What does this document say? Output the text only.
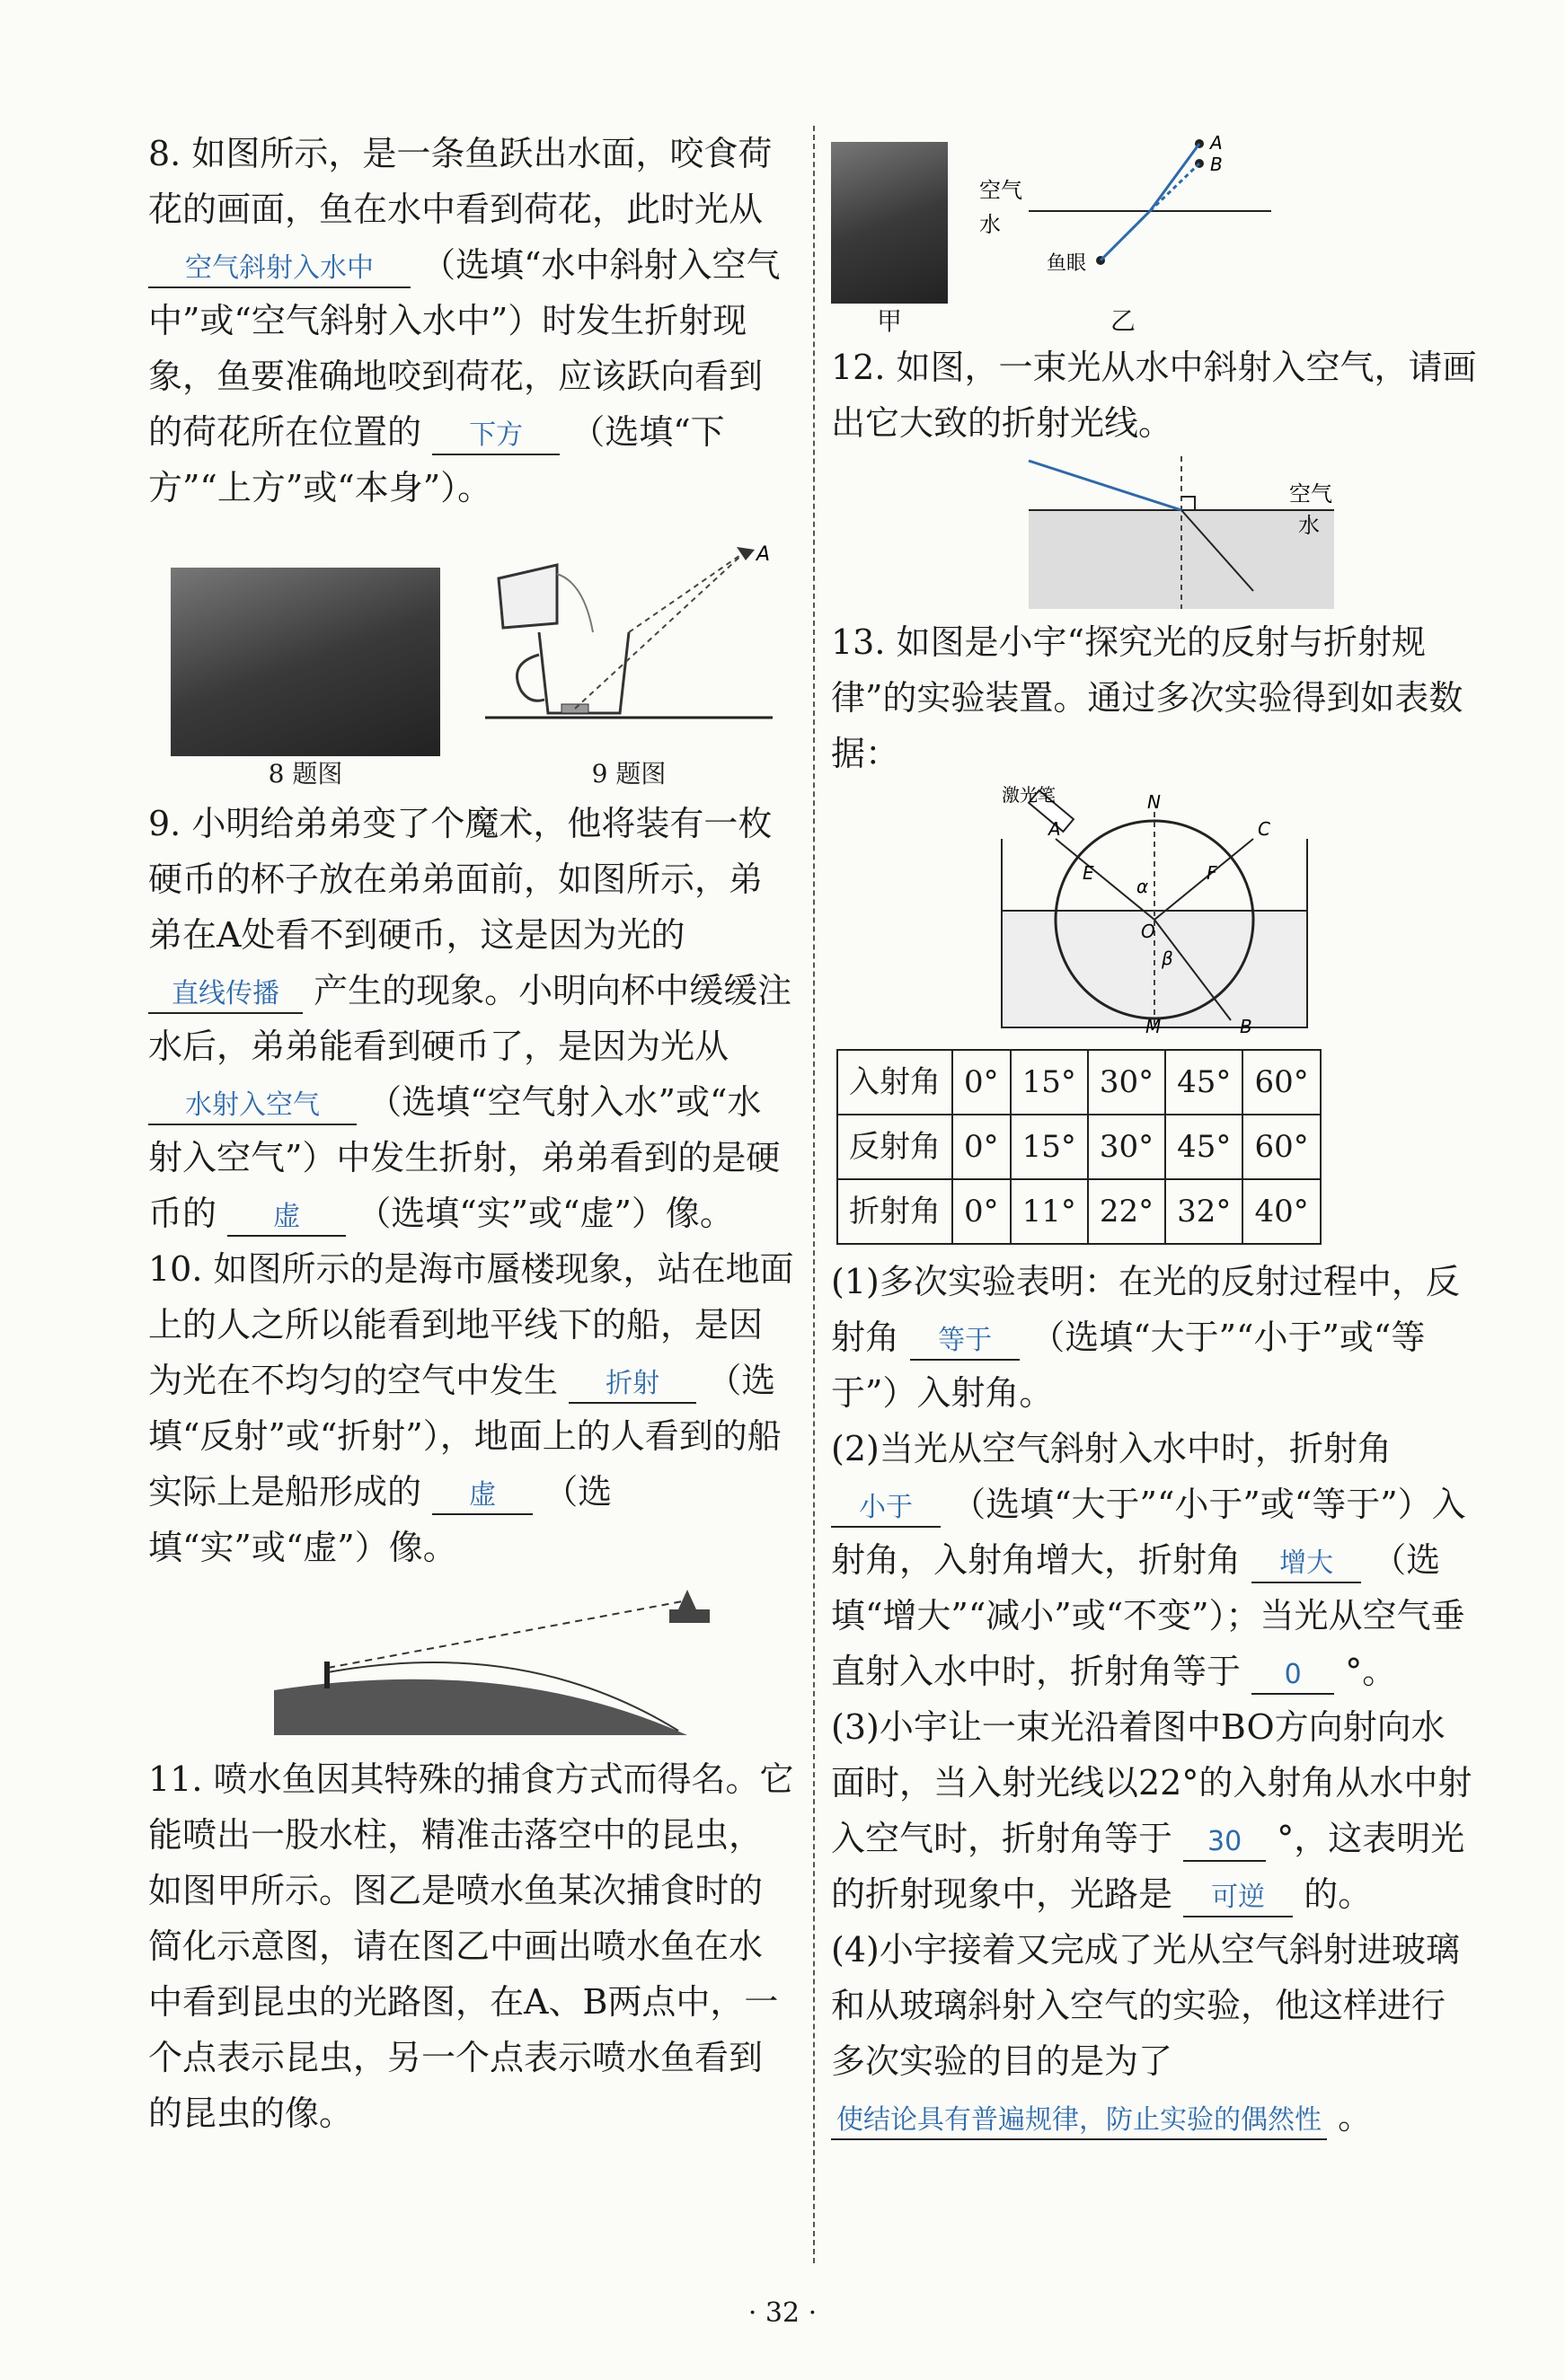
8. 如图所示，是一条鱼跃出水面，咬食荷花的画面，鱼在水中看到荷花，此时光从 空气斜射入水中 （选填“水中斜射入空气中”或“空气斜射入水中”）时发生折射现象，鱼要准确地咬到荷花，应该跃向看到的荷花所在位置的 下方 （选填“下方”“上方”或“本身”）。

8 题图
A
9 题图

9. 小明给弟弟变了个魔术，他将装有一枚硬币的杯子放在弟弟面前，如图所示，弟弟在A处看不到硬币，这是因为光的 直线传播 产生的现象。小明向杯中缓缓注水后，弟弟能看到硬币了，是因为光从 水射入空气 （选填“空气射入水”或“水射入空气”）中发生折射，弟弟看到的是硬币的 虚 （选填“实”或“虚”）像。

10. 如图所示的是海市蜃楼现象，站在地面上的人之所以能看到地平线下的船，是因为光在不均匀的空气中发生 折射 （选填“反射”或“折射”），地面上的人看到的船实际上是船形成的 虚 （选填“实”或“虚”）像。

11. 喷水鱼因其特殊的捕食方式而得名。它能喷出一股水柱，精准击落空中的昆虫，如图甲所示。图乙是喷水鱼某次捕食时的简化示意图，请在图乙中画出喷水鱼在水中看到昆虫的光路图，在A、B两点中，一个点表示昆虫，另一个点表示喷水鱼看到的昆虫的像。

甲
空气
水
A
B
鱼眼
乙

12. 如图，一束光从水中斜射入空气，请画出它大致的折射光线。

空气
水

13. 如图是小宇“探究光的反射与折射规律”的实验装置。通过多次实验得到如表数据：

激光笔	N
A	C
E	F
O
α
β
M	B
入射角	0°	15°	30°	45°	60°
反射角	0°	15°	30°	45°	60°
折射角	0°	11°	22°	32°	40°

(1)多次实验表明：在光的反射过程中，反射角 等于 （选填“大于”“小于”或“等于”）入射角。

(2)当光从空气斜射入水中时，折射角 小于 （选填“大于”“小于”或“等于”）入射角，入射角增大，折射角 增大 （选填“增大”“减小”或“不变”）；当光从空气垂直射入水中时，折射角等于 0 °。

(3)小宇让一束光沿着图中BO方向射向水面时，当入射光线以22°的入射角从水中射入空气时，折射角等于 30 °，这表明光的折射现象中，光路是 可逆 的。

(4)小宇接着又完成了光从空气斜射进玻璃和从玻璃斜射入空气的实验，他这样进行多次实验的目的是为了 使结论具有普遍规律，防止实验的偶然性 。

· 32 ·
